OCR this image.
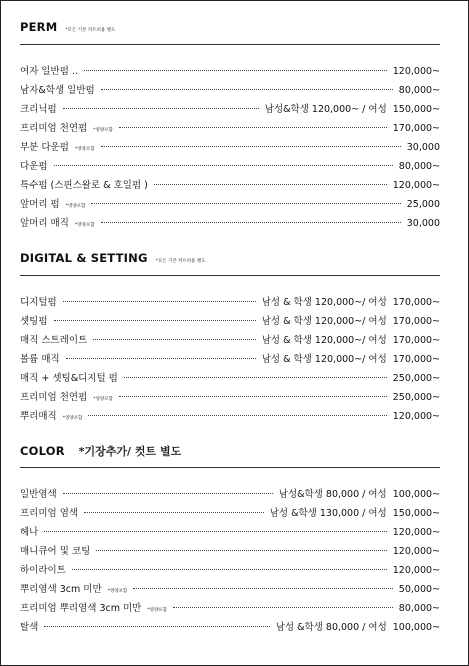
PERM *모든 기본 커트비용 별도
여자 일반펌 ..	120,000~
남자&학생 일반펌	80,000~
크리닉펌	남성&학생 120,000~ / 여성 150,000~
프리미엄 천연펌 *영양포함	170,000~
부분 다운펌 *영양포함	30,000
다운펌	80,000~
특수펌 (스핀스왈로 & 호일펌 )	120,000~
앞머리 펌 *영양포함	25,000
앞머리 매직 *영양포함	30,000
DIGITAL & SETTING *모든 기본 커트비용 별도
디지털펌	남성 & 학생 120,000~/ 여성 170,000~
셋팅펌	남성 & 학생 120,000~/ 여성 170,000~
매직 스트레이트	남성 & 학생 120,000~/ 여성 170,000~
볼륨 매직	남성 & 학생 120,000~/ 여성 170,000~
매직 + 셋팅&디지털 펌	250,000~
프리미엄 천연펌 *영양포함	250,000~
뿌리매직 *영양포함	120,000~
COLOR *기장추가/ 컷트 별도
일반염색	남성&학생 80,000 / 여성 100,000~
프리미엄 염색	남성 &학생 130,000 / 여성 150,000~
헤나	120,000~
매니큐어 및 코팅	120,000~
하이라이트	120,000~
뿌리염색 3cm 미만 *영양포함	50,000~
프리미엄 뿌리염색 3cm 미만 *영양포함	80,000~
탈색	남성 &학생 80,000 / 여성 100,000~
